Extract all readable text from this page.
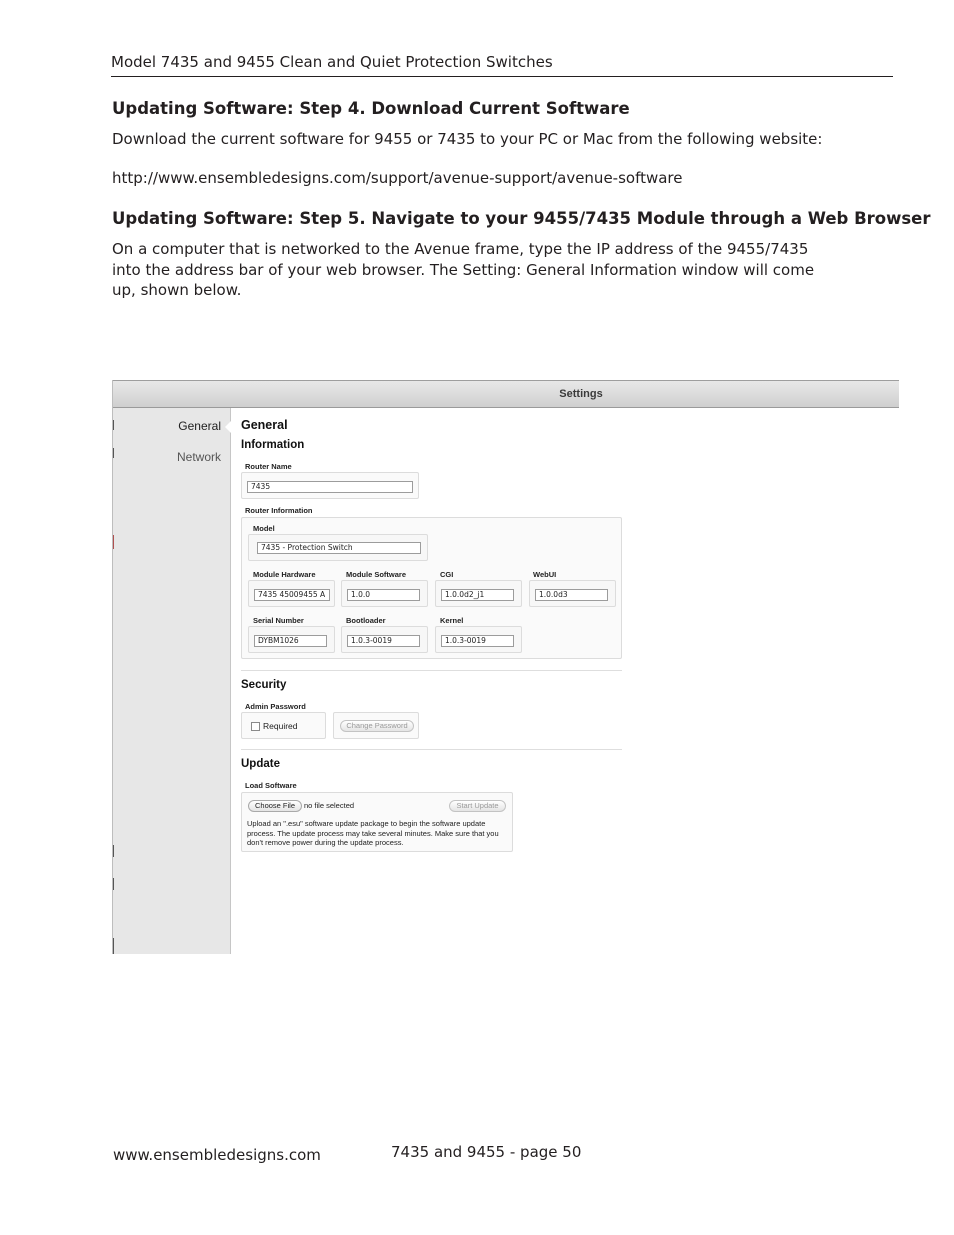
Model 7435 and 9455 Clean and Quiet Protection Switches
Updating Software: Step 4. Download Current Software
Download the current software for 9455 or 7435 to your PC or Mac from the following website:
http://www.ensembledesigns.com/support/avenue-support/avenue-software
Updating Software: Step 5. Navigate to your 9455/7435 Module through a Web Browser
On a computer that is networked to the Avenue frame, type the IP address of the 9455/7435 into the address bar of your web browser. The Setting: General Information window will come up, shown below.
Settings
General
Network
General
Information
Router Name
7435
Router Information
Model
7435 - Protection Switch
Module Hardware	Module Software	CGI	WebUI
7435 45009455 A	1.0.0	1.0.0d2_j1	1.0.0d3
Serial Number	Bootloader	Kernel
DYBM1026	1.0.3-0019	1.0.3-0019
Security
Admin Password
Required	Change Password
Update
Load Software
Choose File	no file selected	Start Update
Upload an ".esu" software update package to begin the software update process. The update process may take several minutes. Make sure that you don't remove power during the update process.
www.ensembledesigns.com	7435 and 9455 - page 50
